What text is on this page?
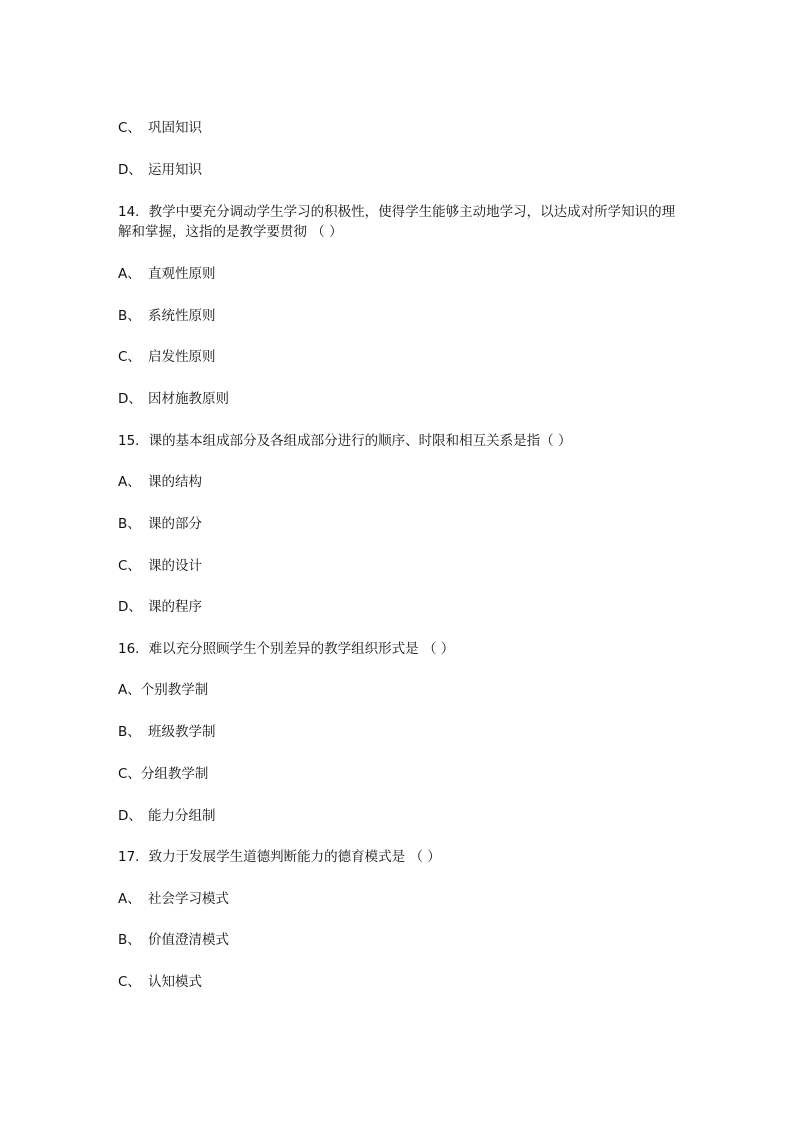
C、 巩固知识
D、 运用知识
14．教学中要充分调动学生学习的积极性，使得学生能够主动地学习，以达成对所学知识的理解和掌握，这指的是教学要贯彻 （ ）
A、 直观性原则
B、 系统性原则
C、 启发性原则
D、 因材施教原则
15．课的基本组成部分及各组成部分进行的顺序、时限和相互关系是指（ ）
A、 课的结构
B、 课的部分
C、 课的设计
D、 课的程序
16．难以充分照顾学生个别差异的教学组织形式是 （ ）
A、个别教学制
B、 班级教学制
C、分组教学制
D、 能力分组制
17．致力于发展学生道德判断能力的德育模式是 （ ）
A、 社会学习模式
B、 价值澄清模式
C、 认知模式
